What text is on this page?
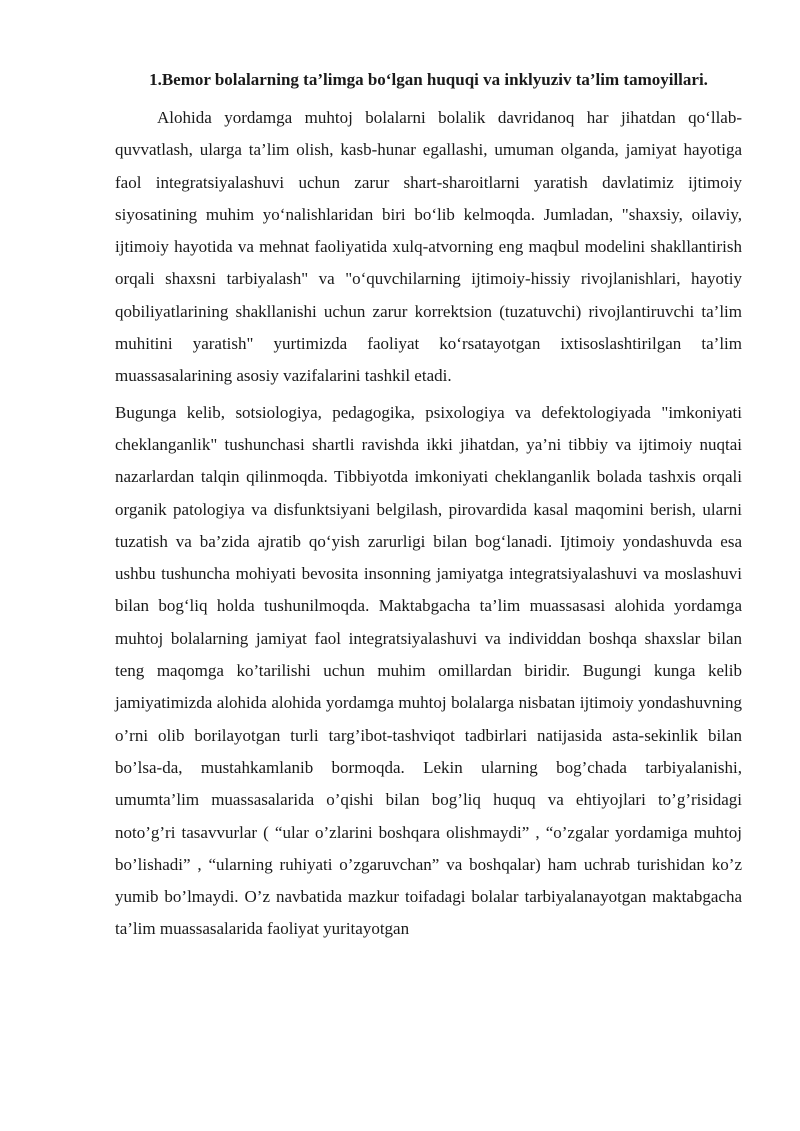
1.Bemor bolalarning ta’limga bo‘lgan huquqi va inklyuziv ta’lim tamoyillari.

Alohida yordamga muhtoj bolalarni bolalik davridanoq har jihatdan qo‘llab-quvvatlash, ularga ta’lim olish, kasb-hunar egallashi, umuman olganda, jamiyat hayotiga faol integratsiyalashuvi uchun zarur shart-sharoitlarni yaratish davlatimiz ijtimoiy siyosatining muhim yo‘nalishlaridan biri bo‘lib kelmoqda. Jumladan, "shaxsiy, oilaviy, ijtimoiy hayotida va mehnat faoliyatida xulq-atvorning eng maqbul modelini shakllantirish orqali shaxsni tarbiyalash" va "o‘quvchilarning ijtimoiy-hissiy rivojlanishlari, hayotiy qobiliyatlarining shakllanishi uchun zarur korrektsion (tuzatuvchi) rivojlantiruvchi ta’lim muhitini yaratish" yurtimizda faoliyat ko‘rsatayotgan ixtisoslashtirilgan ta’lim muassasalarining asosiy vazifalarini tashkil etadi.

Bugunga kelib, sotsiologiya, pedagogika, psixologiya va defektologiyada "imkoniyati cheklanganlik" tushunchasi shartli ravishda ikki jihatdan, ya’ni tibbiy va ijtimoiy nuqtai nazarlardan talqin qilinmoqda. Tibbiyotda imkoniyati cheklanganlik bolada tashxis orqali organik patologiya va disfunktsiyani belgilash, pirovardida kasal maqomini berish, ularni tuzatish va ba’zida ajratib qo‘yish zarurligi bilan bog‘lanadi. Ijtimoiy yondashuvda esa ushbu tushuncha mohiyati bevosita insonning jamiyatga integratsiyalashuvi va moslashuvi bilan bog‘liq holda tushunilmoqda. Maktabgacha ta’lim muassasasi alohida yordamga muhtoj bolalarning jamiyat faol integratsiyalashuvi va individdan boshqa shaxslar bilan teng maqomga ko’tarilishi uchun muhim omillardan biridir. Bugungi kunga kelib jamiyatimizda alohida alohida yordamga muhtoj bolalarga nisbatan ijtimoiy yondashuvning o’rni olib borilayotgan turli targ’ibot-tashviqot tadbirlari natijasida asta-sekinlik bilan bo’lsa-da, mustahkamlanib bormoqda. Lekin ularning bog’chada tarbiyalanishi, umumta’lim muassasalarida o’qishi bilan bog’liq huquq va ehtiyojlari to’g’risidagi noto’g’ri tasavvurlar ( “ular o’zlarini boshqara olishmaydi” , “o’zgalar yordamiga muhtoj bo’lishadi” , “ularning ruhiyati o’zgaruvchan” va boshqalar) ham uchrab turishidan ko’z yumib bo’lmaydi. O’z navbatida mazkur toifadagi bolalar tarbiyalanayotgan maktabgacha ta’lim muassasalarida faoliyat yuritayotgan
